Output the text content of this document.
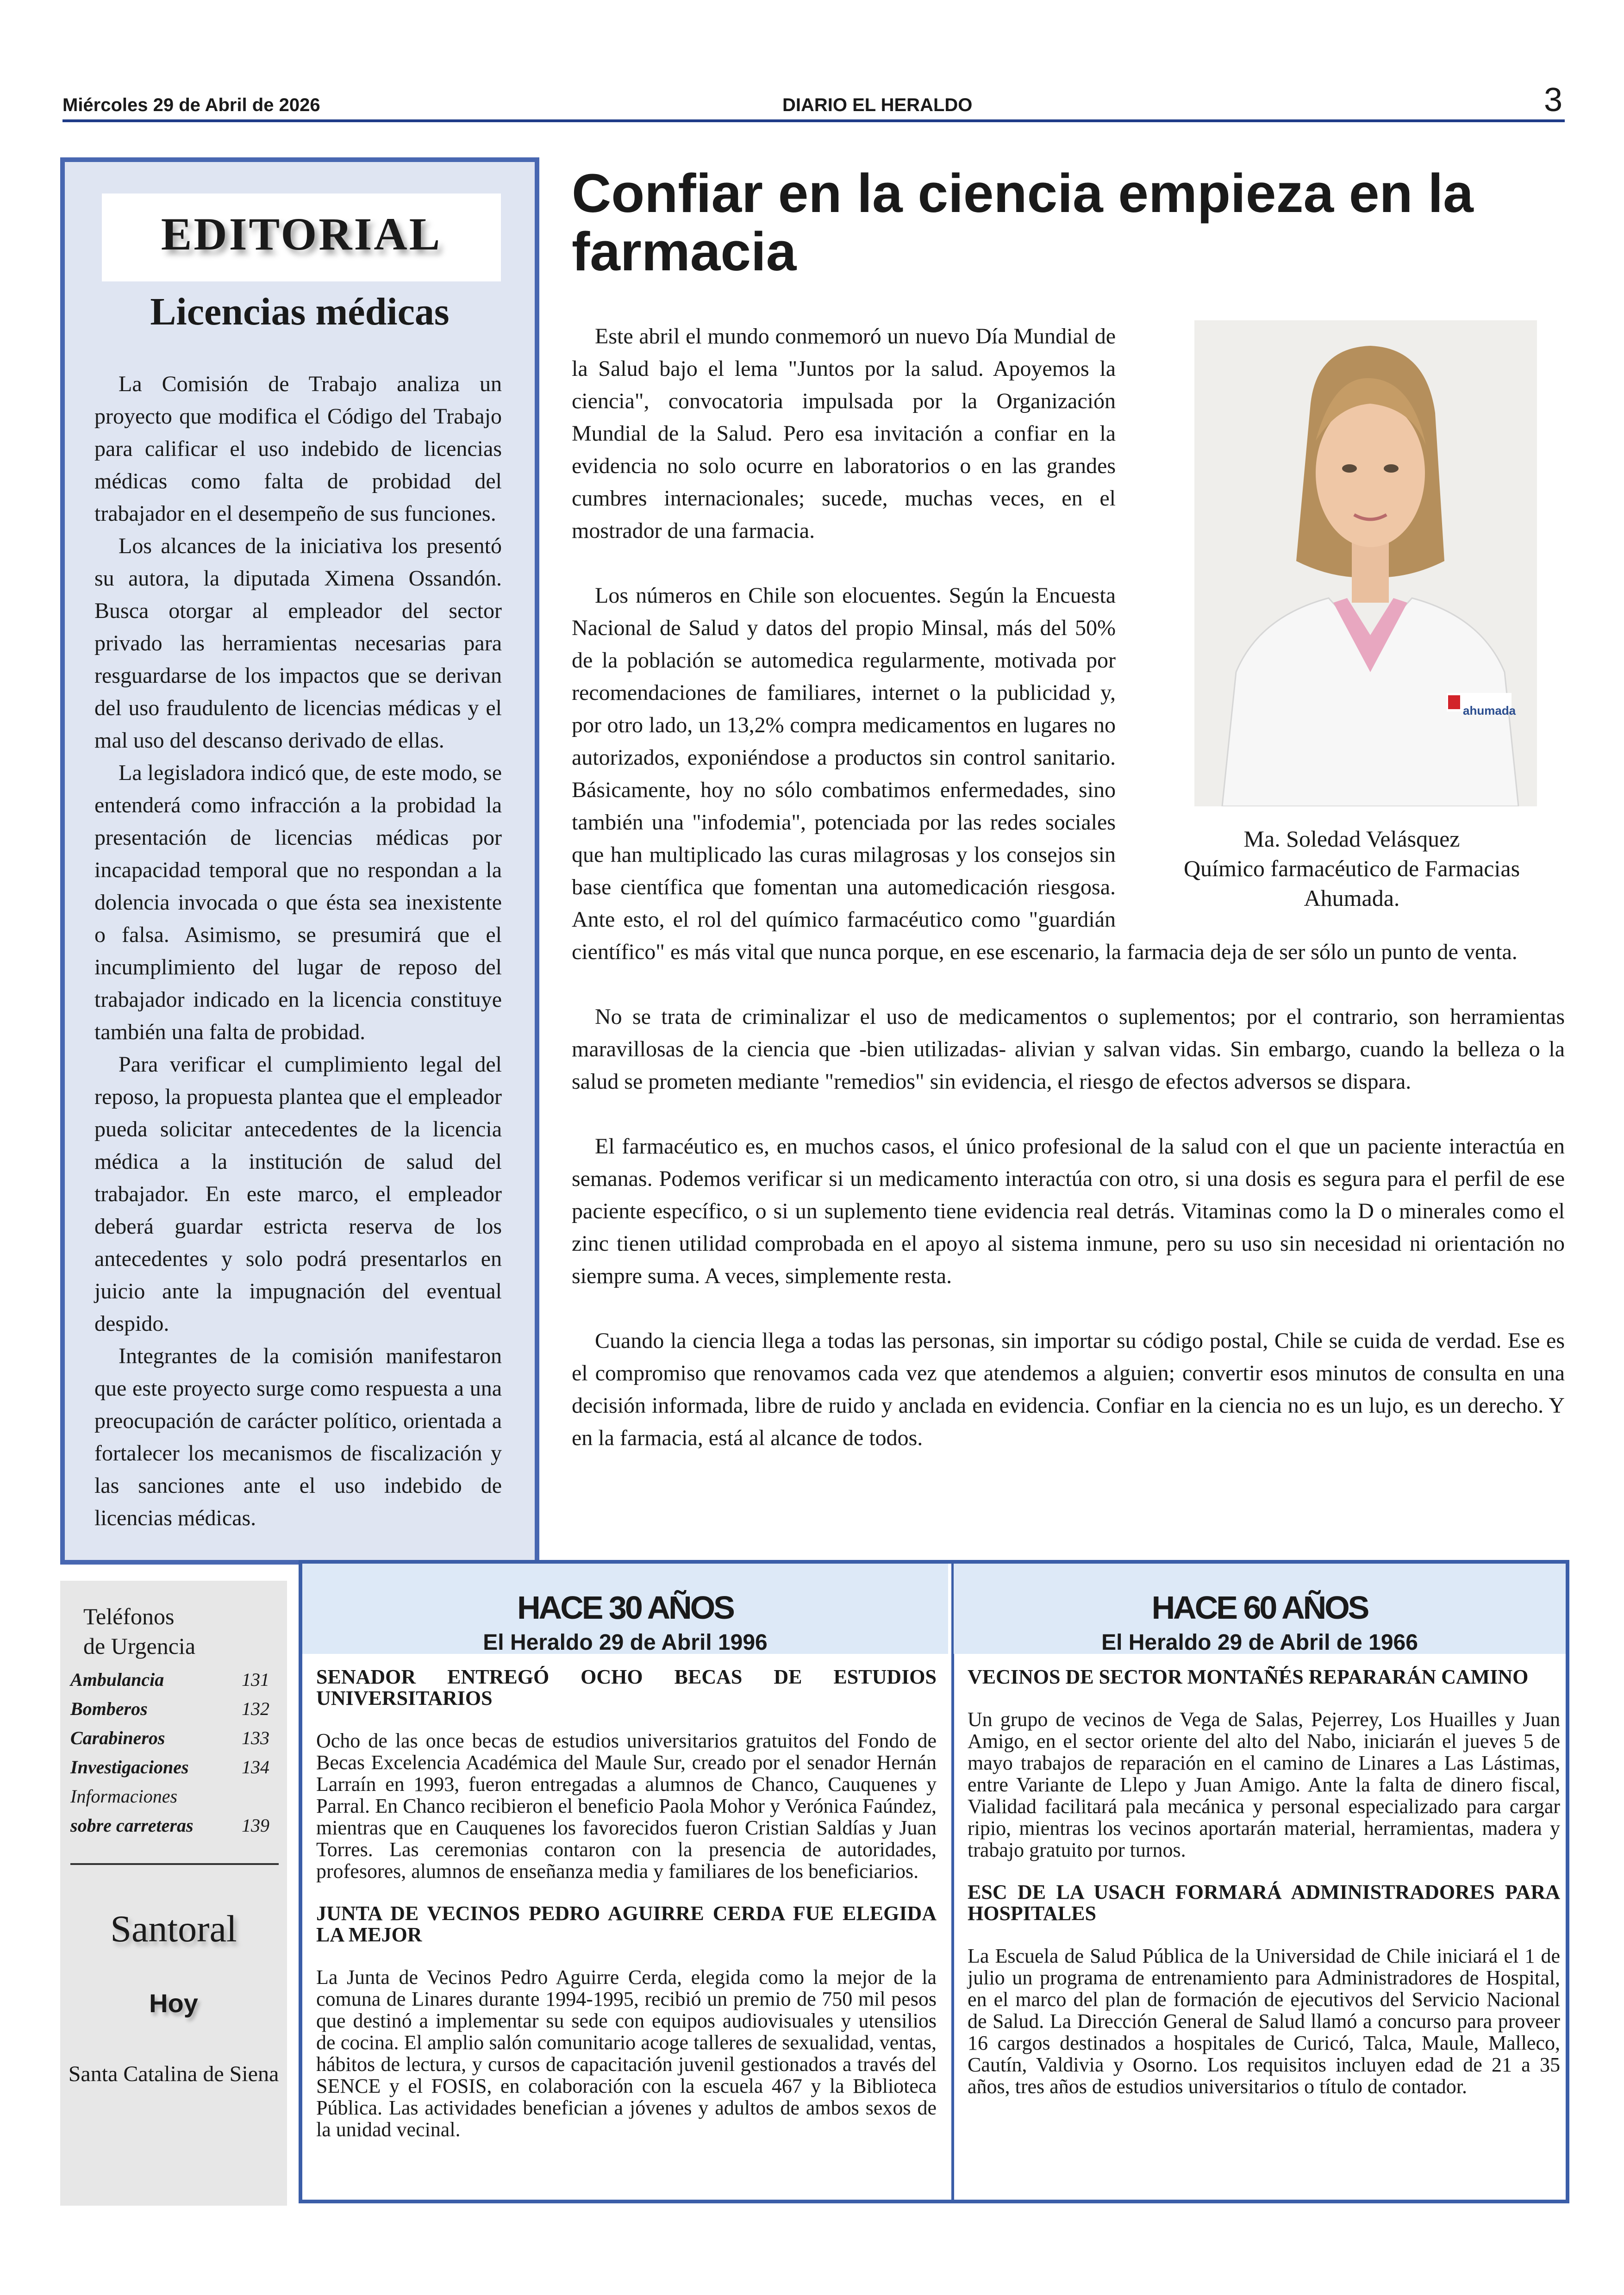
Miércoles 29 de Abril de 2026	DIARIO EL HERALDO	3
EDITORIAL
Licencias médicas

La Comisión de Trabajo analiza un proyecto que modifica el Código del Trabajo para calificar el uso indebido de licencias médicas como falta de probidad del trabajador en el desempeño de sus funciones.

Los alcances de la iniciativa los presentó su autora, la diputada Ximena Ossandón. Busca otorgar al empleador del sector privado las herramientas necesarias para resguardarse de los impactos que se derivan del uso fraudulento de licencias médicas y el mal uso del descanso derivado de ellas.

La legisladora indicó que, de este modo, se entenderá como infracción a la probidad la presentación de licencias médicas por incapacidad temporal que no respondan a la dolencia invocada o que ésta sea inexistente o falsa. Asimismo, se presumirá que el incumplimiento del lugar de reposo del trabajador indicado en la licencia constituye también una falta de probidad.

Para verificar el cumplimiento legal del reposo, la propuesta plantea que el empleador pueda solicitar antecedentes de la licencia médica a la institución de salud del trabajador. En este marco, el empleador deberá guardar estricta reserva de los antecedentes y solo podrá presentarlos en juicio ante la impugnación del eventual despido.

Integrantes de la comisión manifestaron que este proyecto surge como respuesta a una preocupación de carácter político, orientada a fortalecer los mecanismos de fiscalización y las sanciones ante el uso indebido de licencias médicas.

Confiar en la ciencia empieza en la farmacia
ahumada
Ma. Soledad Velásquez
Químico farmacéutico de Farmacias Ahumada.

Este abril el mundo conmemoró un nuevo Día Mundial de la Salud bajo el lema "Juntos por la salud. Apoyemos la ciencia", convocatoria impulsada por la Organización Mundial de la Salud. Pero esa invitación a confiar en la evidencia no solo ocurre en laboratorios o en las grandes cumbres internacionales; sucede, muchas veces, en el mostrador de una farmacia.

Los números en Chile son elocuentes. Según la Encuesta Nacional de Salud y datos del propio Minsal, más del 50% de la población se automedica regularmente, motivada por recomendaciones de familiares, internet o la publicidad y, por otro lado, un 13,2% compra medicamentos en lugares no autorizados, exponiéndose a productos sin control sanitario. Básicamente, hoy no sólo combatimos enfermedades, sino también una "infodemia", potenciada por las redes sociales que han multiplicado las curas milagrosas y los consejos sin base científica que fomentan una automedicación riesgosa. Ante esto, el rol del químico farmacéutico como "guardián científico" es más vital que nunca porque, en ese escenario, la farmacia deja de ser sólo un punto de venta.

No se trata de criminalizar el uso de medicamentos o suplementos; por el contrario, son herramientas maravillosas de la ciencia que -bien utilizadas- alivian y salvan vidas. Sin embargo, cuando la belleza o la salud se prometen mediante "remedios" sin evidencia, el riesgo de efectos adversos se dispara.

El farmacéutico es, en muchos casos, el único profesional de la salud con el que un paciente interactúa en semanas. Podemos verificar si un medicamento interactúa con otro, si una dosis es segura para el perfil de ese paciente específico, o si un suplemento tiene evidencia real detrás. Vitaminas como la D o minerales como el zinc tienen utilidad comprobada en el apoyo al sistema inmune, pero su uso sin necesidad ni orientación no siempre suma. A veces, simplemente resta.

Cuando la ciencia llega a todas las personas, sin importar su código postal, Chile se cuida de verdad. Ese es el compromiso que renovamos cada vez que atendemos a alguien; convertir esos minutos de consulta en una decisión informada, libre de ruido y anclada en evidencia. Confiar en la ciencia no es un lujo, es un derecho. Y en la farmacia, está al alcance de todos.

Teléfonos
de Urgencia
Ambulancia	131
Bomberos	132
Carabineros	133
Investigaciones	134
Informaciones
sobre carreteras	139
Santoral
Hoy
Santa Catalina de Siena
HACE 30 AÑOS
El Heraldo 29 de Abril 1996
SENADOR ENTREGÓ OCHO BECAS DE ESTUDIOS UNIVERSITARIOS

Ocho de las once becas de estudios universitarios gratuitos del Fondo de Becas Excelencia Académica del Maule Sur, creado por el senador Hernán Larraín en 1993, fueron entregadas a alumnos de Chanco, Cauquenes y Parral. En Chanco recibieron el beneficio Paola Mohor y Verónica Faúndez, mientras que en Cauquenes los favorecidos fueron Cristian Saldías y Juan Torres. Las ceremonias contaron con la presencia de autoridades, profesores, alumnos de enseñanza media y familiares de los beneficiarios.

JUNTA DE VECINOS PEDRO AGUIRRE CERDA FUE ELEGIDA LA MEJOR

La Junta de Vecinos Pedro Aguirre Cerda, elegida como la mejor de la comuna de Linares durante 1994-1995, recibió un premio de 750 mil pesos que destinó a implementar su sede con equipos audiovisuales y utensilios de cocina. El amplio salón comunitario acoge talleres de sexualidad, ventas, hábitos de lectura, y cursos de capacitación juvenil gestionados a través del SENCE y el FOSIS, en colaboración con la escuela 467 y la Biblioteca Pública. Las actividades benefician a jóvenes y adultos de ambos sexos de la unidad vecinal.

HACE 60 AÑOS
El Heraldo 29 de Abril de 1966
VECINOS DE SECTOR MONTAÑÉS REPARARÁN CAMINO

Un grupo de vecinos de Vega de Salas, Pejerrey, Los Huailles y Juan Amigo, en el sector oriente del alto del Nabo, iniciarán el jueves 5 de mayo trabajos de reparación en el camino de Linares a Las Lástimas, entre Variante de Llepo y Juan Amigo. Ante la falta de dinero fiscal, Vialidad facilitará pala mecánica y personal especializado para cargar ripio, mientras los vecinos aportarán material, herramientas, madera y trabajo gratuito por turnos.

ESC DE LA USACH FORMARÁ ADMINISTRADORES PARA HOSPITALES

La Escuela de Salud Pública de la Universidad de Chile iniciará el 1 de julio un programa de entrenamiento para Administradores de Hospital, en el marco del plan de formación de ejecutivos del Servicio Nacional de Salud. La Dirección General de Salud llamó a concurso para proveer 16 cargos destinados a hospitales de Curicó, Talca, Maule, Malleco, Cautín, Valdivia y Osorno. Los requisitos incluyen edad de 21 a 35 años, tres años de estudios universitarios o título de contador.
